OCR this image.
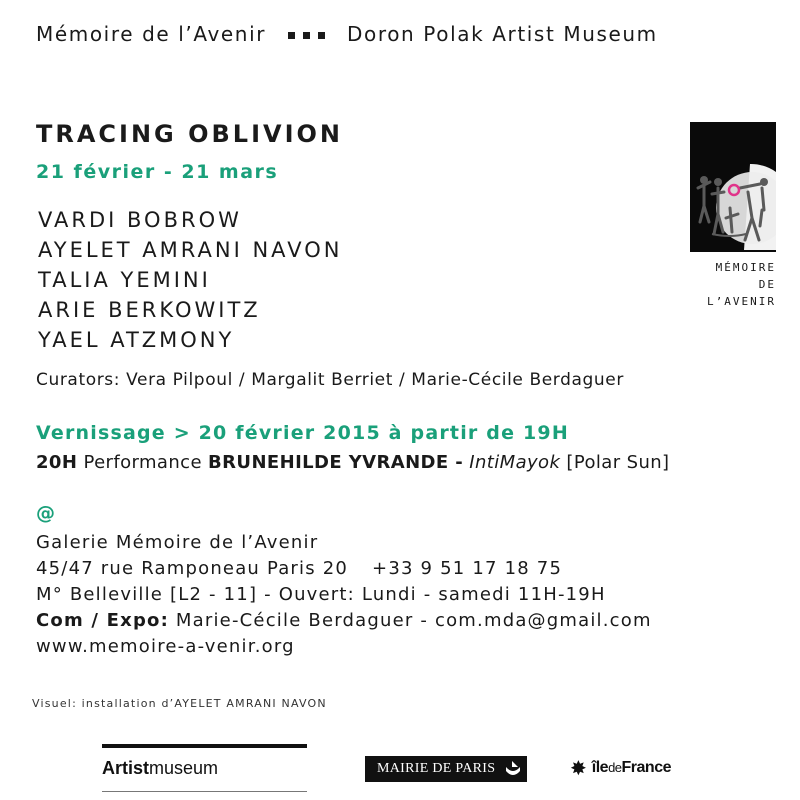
Mémoire de l’Avenir	Doron Polak Artist Museum
TRACING OBLIVION
21 février - 21 mars
VARDI BOBROW
AYELET AMRANI NAVON
TALIA YEMINI
ARIE BERKOWITZ
YAEL ATZMONY
Curators: Vera Pilpoul / Margalit Berriet / Marie-Cécile Berdaguer
Vernissage > 20 février 2015 à partir de 19H
20H Performance BRUNEHILDE YVRANDE - IntiMayok [Polar Sun]
@
Galerie Mémoire de l’Avenir
45/47 rue Ramponeau Paris 20 +33 9 51 17 18 75
M° Belleville [L2 - 11] - Ouvert: Lundi - samedi 11H-19H
Com / Expo: Marie-Cécile Berdaguer - com.mda@gmail.com
www.memoire-a-venir.org
Visuel: installation d’AYELET AMRANI NAVON
MÉMOIRE
DE
L’AVENIR
Artistmuseum	MAIRIE DE PARIS	✸ îledeFrance
